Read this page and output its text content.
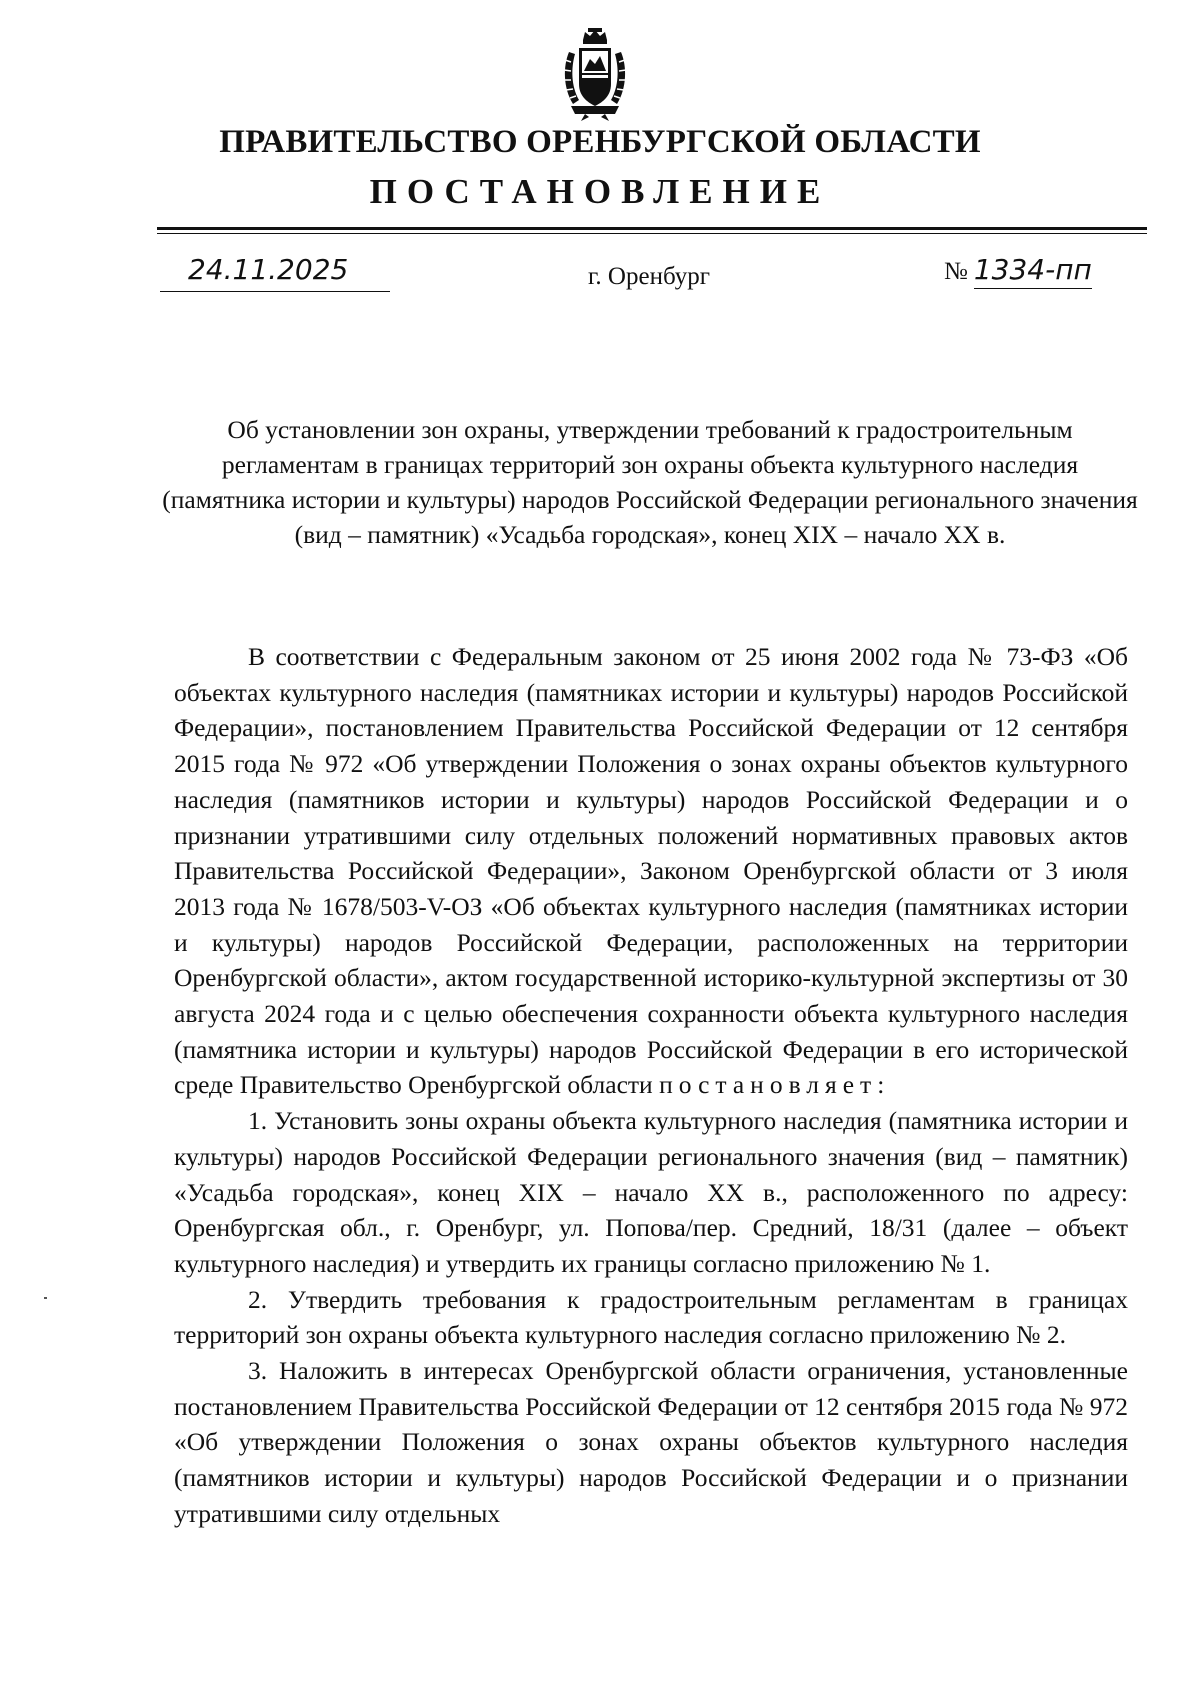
ПРАВИТЕЛЬСТВО ОРЕНБУРГСКОЙ ОБЛАСТИ
ПОСТАНОВЛЕНИЕ
24.11.2025	г. Оренбург	№ 1334-пп
Об установлении зон охраны, утверждении требований к градостроительным регламентам в границах территорий зон охраны объекта культурного наследия (памятника истории и культуры) народов Российской Федерации регионального значения (вид – памятник) «Усадьба городская», конец XIX – начало XX в.

В соответствии с Федеральным законом от 25 июня 2002 года № 73-ФЗ «Об объектах культурного наследия (памятниках истории и культуры) народов Российской Федерации», постановлением Правительства Российской Федерации от 12 сентября 2015 года № 972 «Об утверждении Положения о зонах охраны объектов культурного наследия (памятников истории и культуры) народов Российской Федерации и о признании утратившими силу отдельных положений нормативных правовых актов Правительства Российской Федерации», Законом Оренбургской области от 3 июля 2013 года № 1678/503-V-ОЗ «Об объектах культурного наследия (памятниках истории и культуры) народов Российской Федерации, расположенных на территории Оренбургской области», актом государственной историко-культурной экспертизы от 30 августа 2024 года и с целью обеспечения сохранности объекта культурного наследия (памятника истории и культуры) народов Российской Федерации в его исторической среде Правительство Оренбургской области постановляет:

1. Установить зоны охраны объекта культурного наследия (памятника истории и культуры) народов Российской Федерации регионального значения (вид – памятник) «Усадьба городская», конец XIX – начало XX в., расположенного по адресу: Оренбургская обл., г. Оренбург, ул. Попова/пер. Средний, 18/31 (далее – объект культурного наследия) и утвердить их границы согласно приложению № 1.

2. Утвердить требования к градостроительным регламентам в границах территорий зон охраны объекта культурного наследия согласно приложению № 2.

3. Наложить в интересах Оренбургской области ограничения, установленные постановлением Правительства Российской Федерации от 12 сентября 2015 года № 972 «Об утверждении Положения о зонах охраны объектов культурного наследия (памятников истории и культуры) народов Российской Федерации и о признании утратившими силу отдельных
